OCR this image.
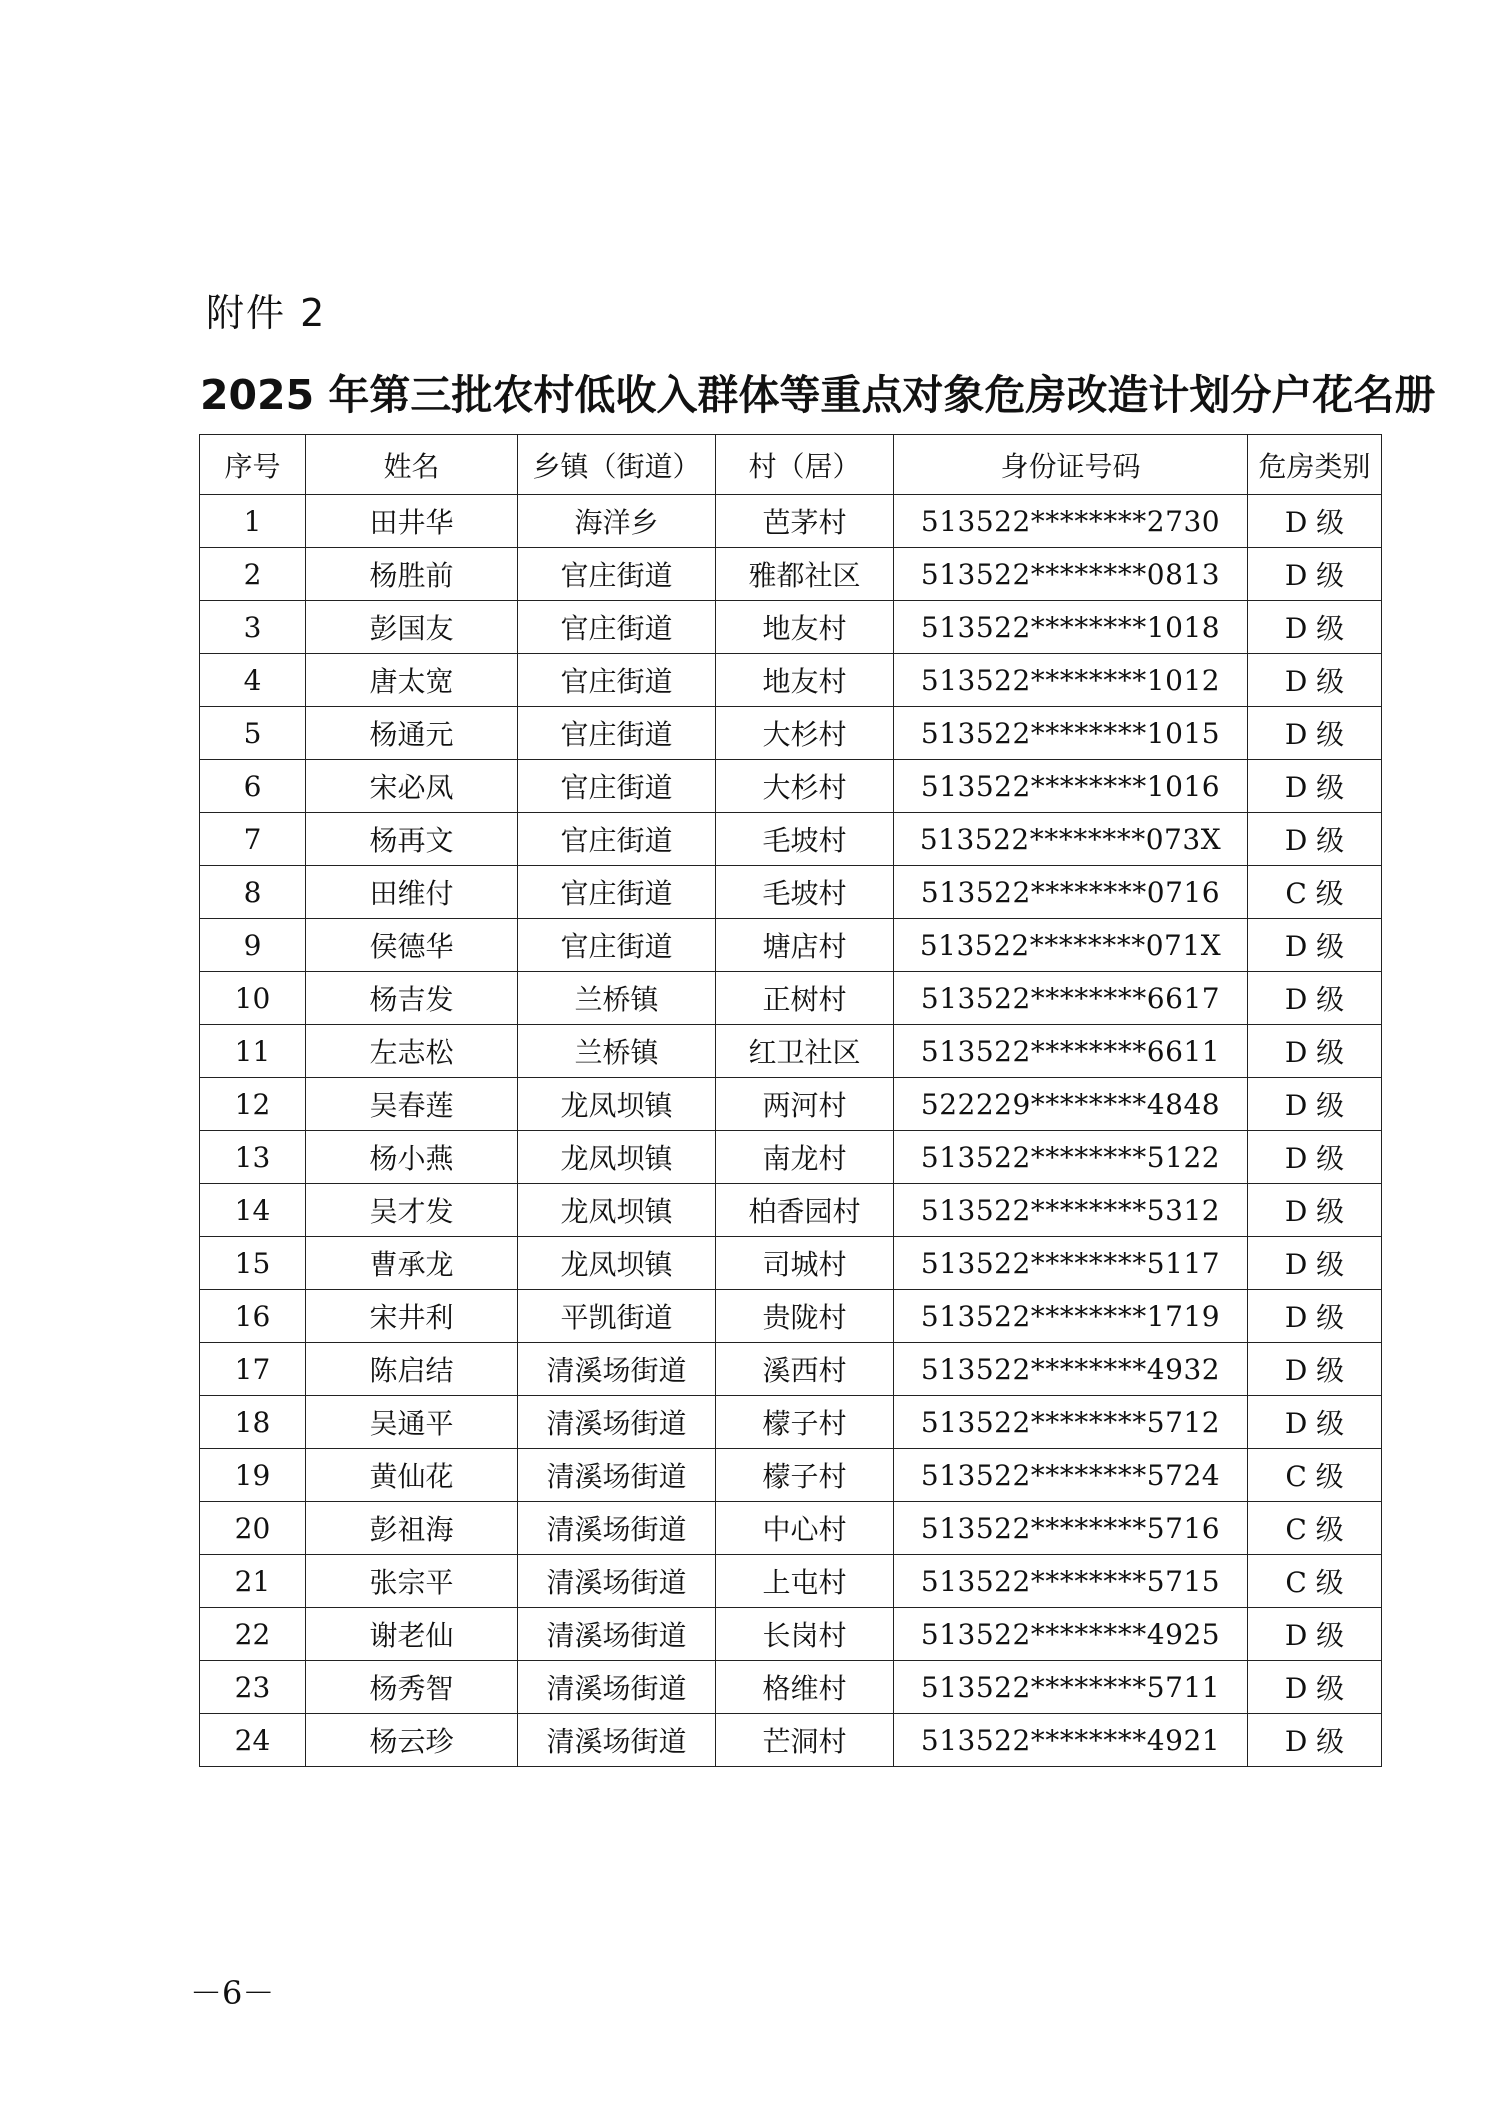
附件 2
2025 年第三批农村低收入群体等重点对象危房改造计划分户花名册
序号	姓名	乡镇（街道）	村（居）	身份证号码	危房类别
1	田井华	海洋乡	芭茅村	513522********2730	D 级
2	杨胜前	官庄街道	雅都社区	513522********0813	D 级
3	彭国友	官庄街道	地友村	513522********1018	D 级
4	唐太宽	官庄街道	地友村	513522********1012	D 级
5	杨通元	官庄街道	大杉村	513522********1015	D 级
6	宋必凤	官庄街道	大杉村	513522********1016	D 级
7	杨再文	官庄街道	毛坡村	513522********073X	D 级
8	田维付	官庄街道	毛坡村	513522********0716	C 级
9	侯德华	官庄街道	塘店村	513522********071X	D 级
10	杨吉发	兰桥镇	正树村	513522********6617	D 级
11	左志松	兰桥镇	红卫社区	513522********6611	D 级
12	吴春莲	龙凤坝镇	两河村	522229********4848	D 级
13	杨小燕	龙凤坝镇	南龙村	513522********5122	D 级
14	吴才发	龙凤坝镇	柏香园村	513522********5312	D 级
15	曹承龙	龙凤坝镇	司城村	513522********5117	D 级
16	宋井利	平凯街道	贵陇村	513522********1719	D 级
17	陈启结	清溪场街道	溪西村	513522********4932	D 级
18	吴通平	清溪场街道	檬子村	513522********5712	D 级
19	黄仙花	清溪场街道	檬子村	513522********5724	C 级
20	彭祖海	清溪场街道	中心村	513522********5716	C 级
21	张宗平	清溪场街道	上屯村	513522********5715	C 级
22	谢老仙	清溪场街道	长岗村	513522********4925	D 级
23	杨秀智	清溪场街道	格维村	513522********5711	D 级
24	杨云珍	清溪场街道	芒洞村	513522********4921	D 级
－6－
